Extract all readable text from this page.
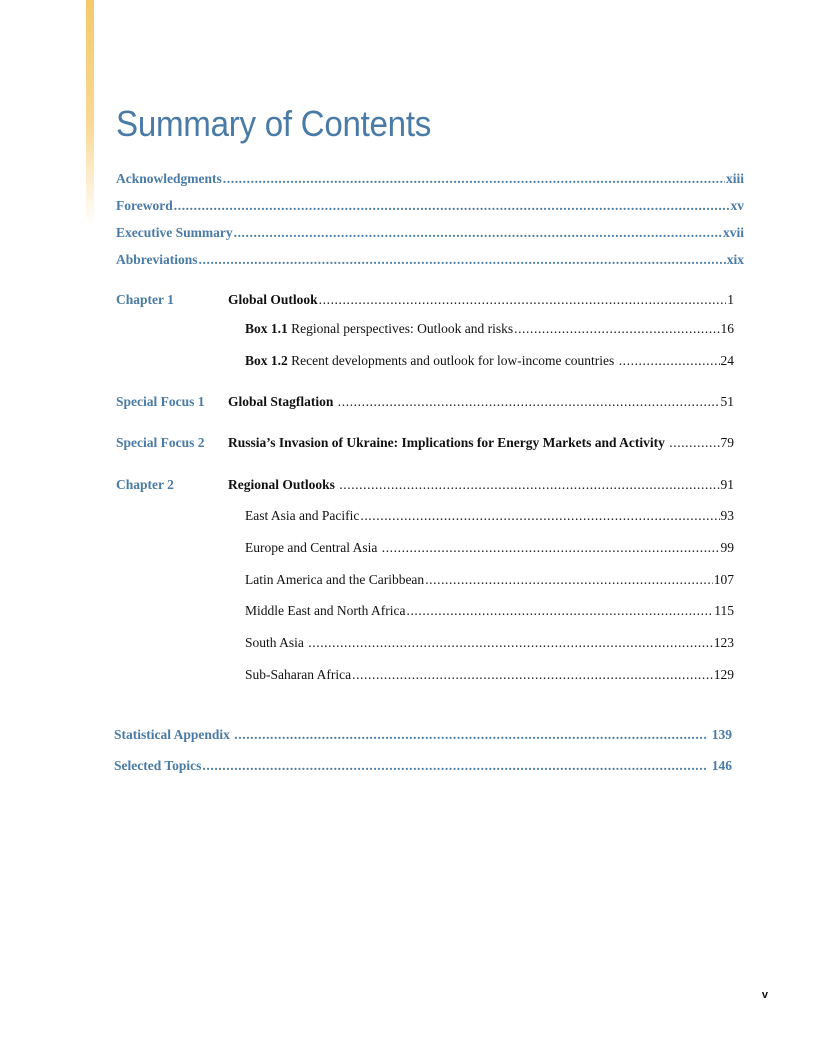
Summary of Contents
Acknowledgments .....	xiii
Foreword .....	xv
Executive Summary .....	xvii
Abbreviations .....	xix
Chapter 1	Global Outlook .....	1
Box 1.1 Regional perspectives: Outlook and risks .....	16
Box 1.2 Recent developments and outlook for low-income countries .....	24
Special Focus 1 Global Stagflation .....	51
Special Focus 2 Russia’s Invasion of Ukraine: Implications for Energy Markets and Activity .....	79
Chapter 2	Regional Outlooks .....	91
East Asia and Pacific .....	93
Europe and Central Asia .....	99
Latin America and the Caribbean .....	107
Middle East and North Africa .....	115
South Asia .....	123
Sub-Saharan Africa .....	129
Statistical Appendix .....	139
Selected Topics .....	146
v
